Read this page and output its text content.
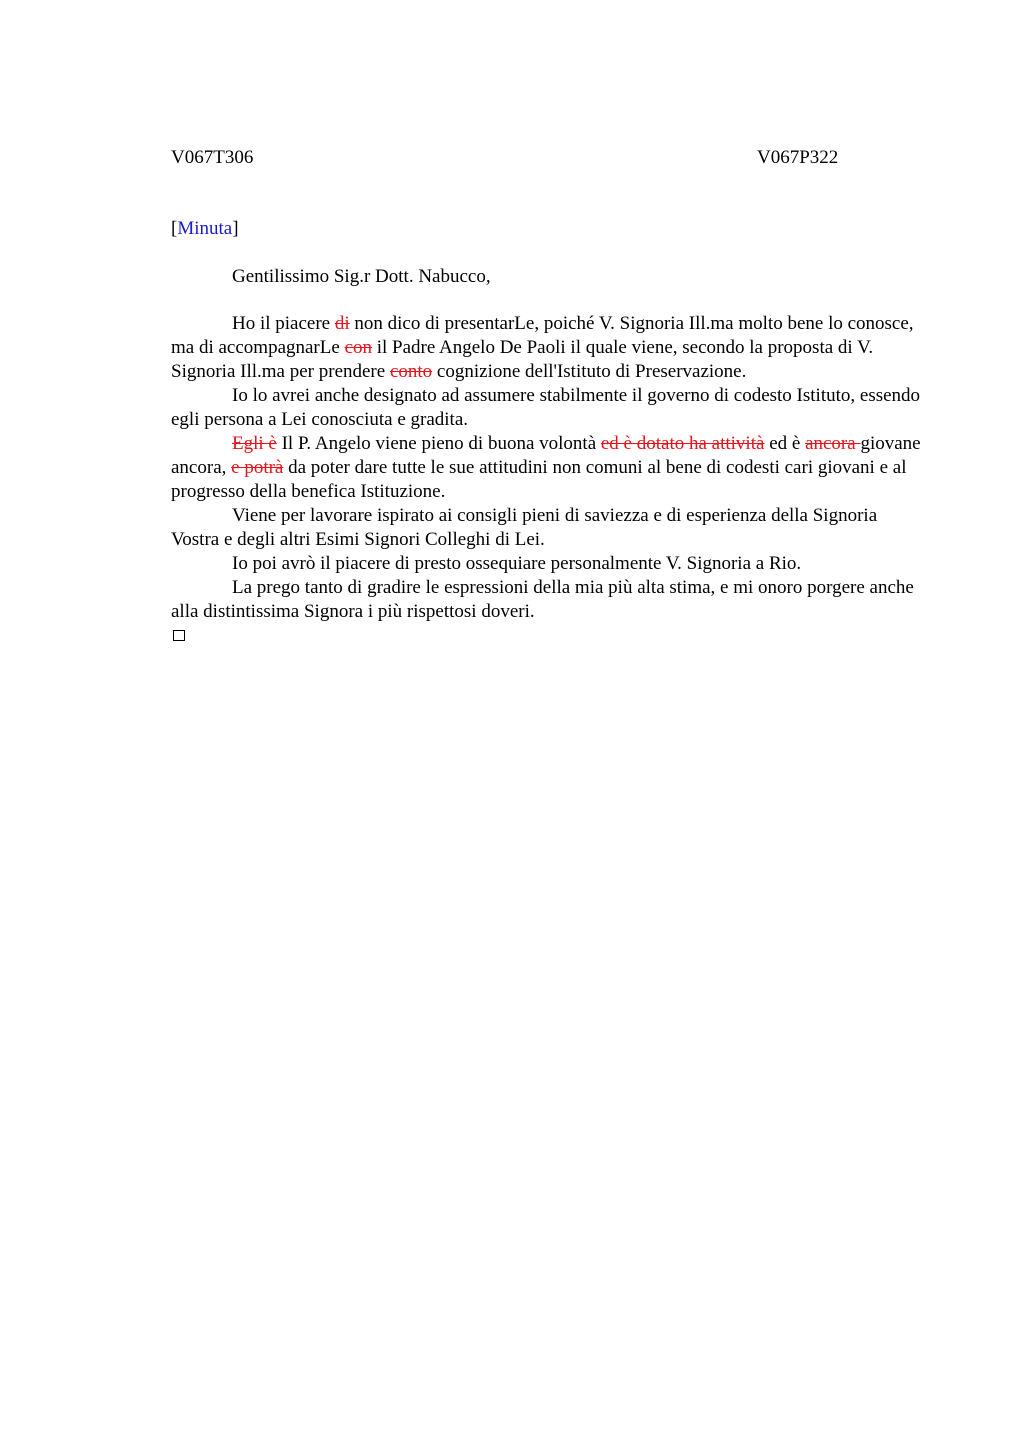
V067T306	V067P322
[Minuta]
Gentilissimo Sig.r Dott. Nabucco,

Ho il piacere di non dico di presentarLe, poiché V. Signoria Ill.ma molto bene lo conosce, ma di accompagnarLe con il Padre Angelo De Paoli il quale viene, secondo la proposta di V. Signoria Ill.ma per prendere conto cognizione dell'Istituto di Preservazione.

Io lo avrei anche designato ad assumere stabilmente il governo di codesto Istituto, essendo egli persona a Lei conosciuta e gradita.

Egli è Il P. Angelo viene pieno di buona volontà ed è dotato ha attività ed è ancora giovane ancora, e potrà da poter dare tutte le sue attitudini non comuni al bene di codesti cari giovani e al progresso della benefica Istituzione.

Viene per lavorare ispirato ai consigli pieni di saviezza e di esperienza della Signoria Vostra e degli altri Esimi Signori Colleghi di Lei.

Io poi avrò il piacere di presto ossequiare personalmente V. Signoria a Rio.

La prego tanto di gradire le espressioni della mia più alta stima, e mi onoro porgere anche alla distintissima Signora i più rispettosi doveri.
